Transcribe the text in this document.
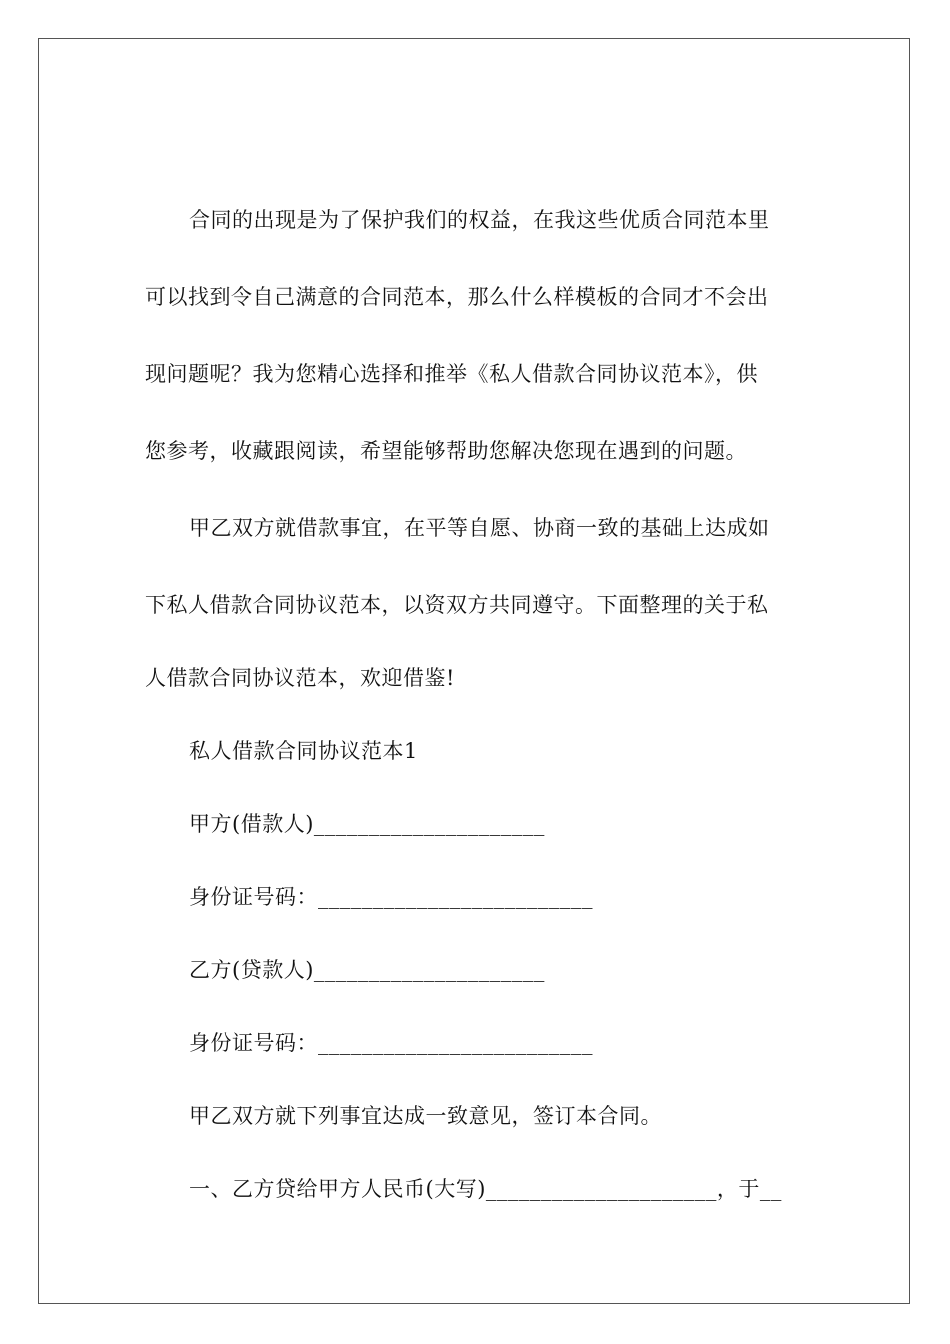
合同的出现是为了保护我们的权益，在我这些优质合同范本里
可以找到令自己满意的合同范本，那么什么样模板的合同才不会出
现问题呢？我为您精心选择和推举《私人借款合同协议范本》，供
您参考，收藏跟阅读，希望能够帮助您解决您现在遇到的问题。
甲乙双方就借款事宜，在平等自愿、协商一致的基础上达成如
下私人借款合同协议范本，以资双方共同遵守。下面整理的关于私
人借款合同协议范本，欢迎借鉴!
私人借款合同协议范本1
甲方(借款人)_____________________
身份证号码：_________________________
乙方(贷款人)_____________________
身份证号码：_________________________
甲乙双方就下列事宜达成一致意见，签订本合同。
一、乙方贷给甲方人民币(大写)_____________________，于__
